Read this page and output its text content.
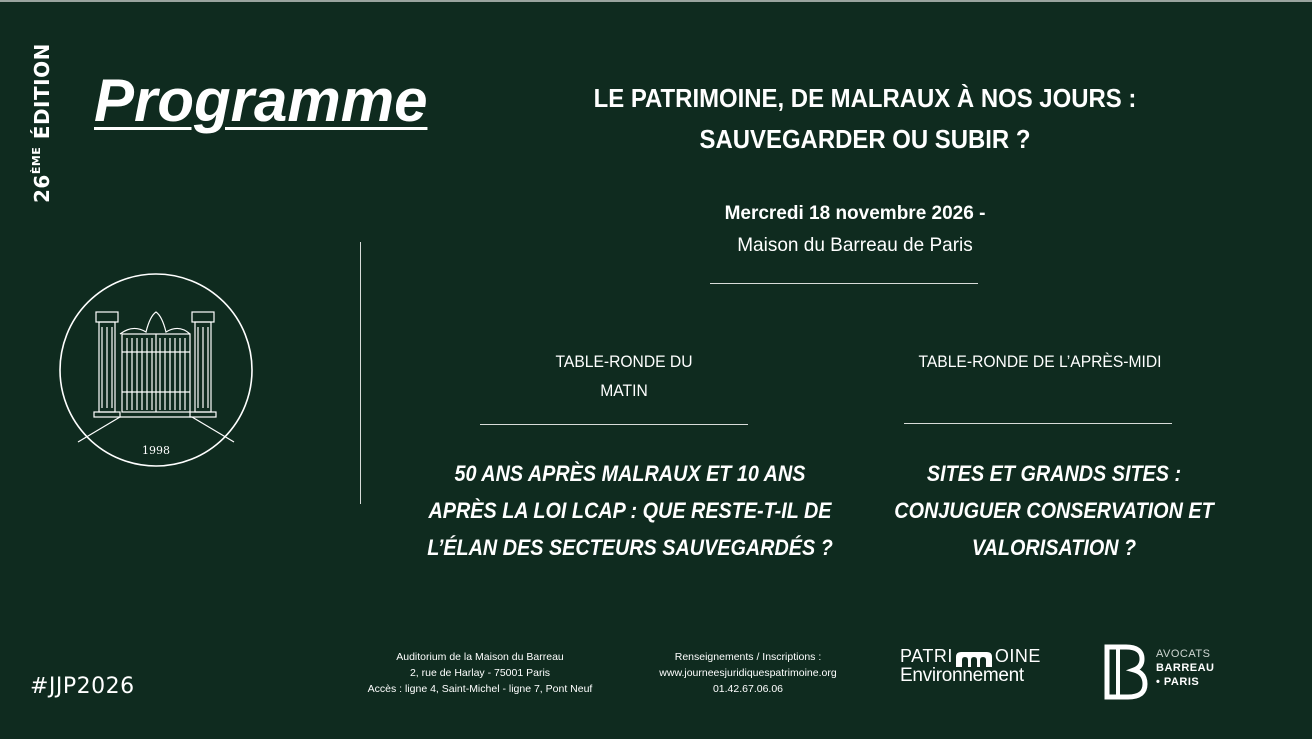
26ÈME ÉDITION Programme
1998
LE PATRIMOINE, DE MALRAUX À NOS JOURS :
SAUVEGARDER OU SUBIR ?
Mercredi 18 novembre 2026 -
Maison du Barreau de Paris
TABLE-RONDE DU
MATIN
TABLE-RONDE DE L’APRÈS-MIDI
50 ANS APRÈS MALRAUX ET 10 ANS
APRÈS LA LOI LCAP : QUE RESTE-T-IL DE
L’ÉLAN DES SECTEURS SAUVEGARDÉS ?
SITES ET GRANDS SITES :
CONJUGUER CONSERVATION ET
VALORISATION ?
#JJP2026
Auditorium de la Maison du Barreau
2, rue de Harlay - 75001 Paris
Accès : ligne 4, Saint-Michel - ligne 7, Pont Neuf
Renseignements / Inscriptions :
www.journeesjuridiquespatrimoine.org
01.42.67.06.06
PATRI OINE
Environnement
AVOCATS
BARREAU
• PARIS
